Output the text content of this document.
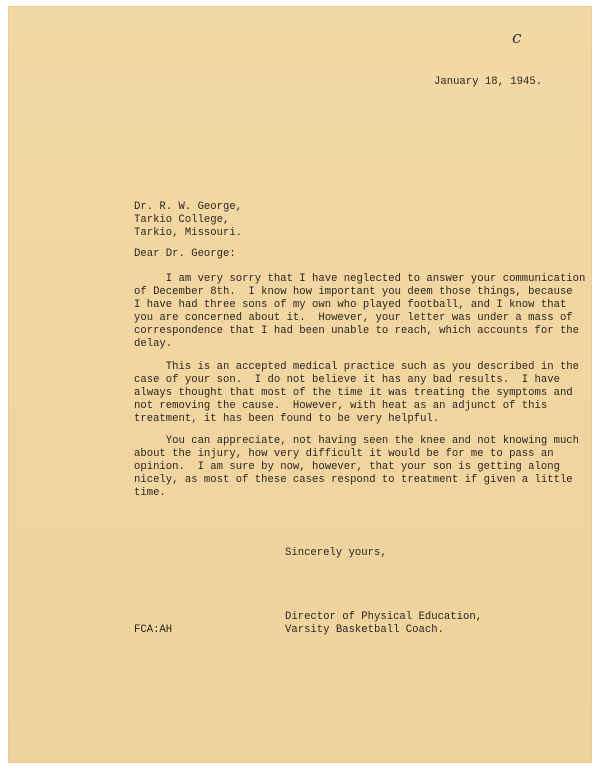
c

January 18, 1945.

Dr. R. W. George,

Tarkio College,

Tarkio, Missouri.

Dear Dr. George:

I am very sorry that I have neglected to answer your communication

of December 8th.  I know how important you deem those things, because

I have had three sons of my own who played football, and I know that

you are concerned about it.  However, your letter was under a mass of

correspondence that I had been unable to reach, which accounts for the

delay.

This is an accepted medical practice such as you described in the

case of your son.  I do not believe it has any bad results.  I have

always thought that most of the time it was treating the symptoms and

not removing the cause.  However, with heat as an adjunct of this

treatment, it has been found to be very helpful.

You can appreciate, not having seen the knee and not knowing much

about the injury, how very difficult it would be for me to pass an

opinion.  I am sure by now, however, that your son is getting along

nicely, as most of these cases respond to treatment if given a little

time.

Sincerely yours,

FCA:AH

Director of Physical Education,

Varsity Basketball Coach.
